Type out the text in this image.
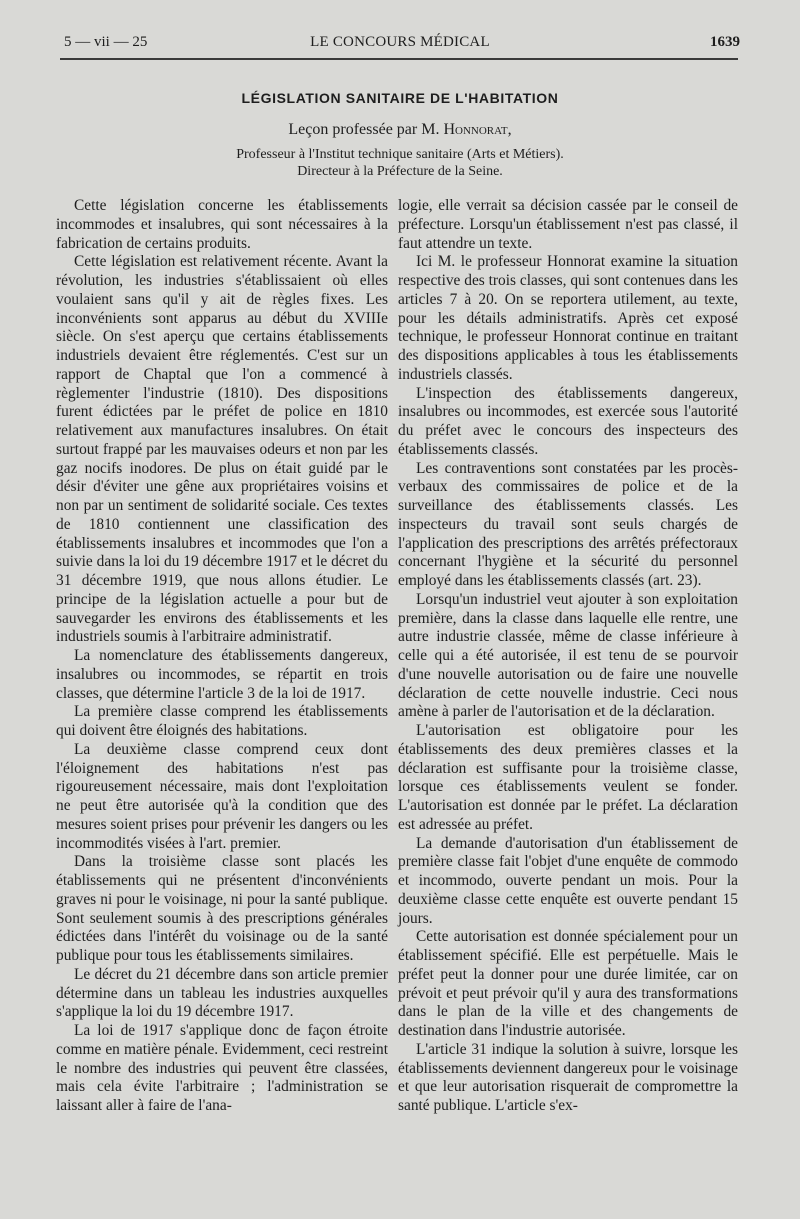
5 — vii — 25	LE CONCOURS MÉDICAL	1639
LÉGISLATION SANITAIRE DE L'HABITATION
Leçon professée par M. Honnorat,
Professeur à l'Institut technique sanitaire (Arts et Métiers).
Directeur à la Préfecture de la Seine.

Cette législation concerne les établissements incommodes et insalubres, qui sont nécessaires à la fabrication de certains produits.

Cette législation est relativement récente. Avant la révolution, les industries s'établissaient où elles voulaient sans qu'il y ait de règles fixes. Les inconvénients sont apparus au début du XVIIIe siècle. On s'est aperçu que certains établissements industriels devaient être réglementés. C'est sur un rapport de Chaptal que l'on a commencé à règlementer l'industrie (1810). Des dispositions furent édictées par le préfet de police en 1810 relativement aux manufactures insalubres. On était surtout frappé par les mauvaises odeurs et non par les gaz nocifs inodores. De plus on était guidé par le désir d'éviter une gêne aux propriétaires voisins et non par un sentiment de solidarité sociale. Ces textes de 1810 contiennent une classification des établissements insalubres et incommodes que l'on a suivie dans la loi du 19 décembre 1917 et le décret du 31 décembre 1919, que nous allons étudier. Le principe de la législation actuelle a pour but de sauvegarder les environs des établissements et les industriels soumis à l'arbitraire administratif.

La nomenclature des établissements dangereux, insalubres ou incommodes, se répartit en trois classes, que détermine l'article 3 de la loi de 1917.

La première classe comprend les établissements qui doivent être éloignés des habitations.

La deuxième classe comprend ceux dont l'éloignement des habitations n'est pas rigoureusement nécessaire, mais dont l'exploitation ne peut être autorisée qu'à la condition que des mesures soient prises pour prévenir les dangers ou les incommodités visées à l'art. premier.

Dans la troisième classe sont placés les établissements qui ne présentent d'inconvénients graves ni pour le voisinage, ni pour la santé publique. Sont seulement soumis à des prescriptions générales édictées dans l'intérêt du voisinage ou de la santé publique pour tous les établissements similaires.

Le décret du 21 décembre dans son article premier détermine dans un tableau les industries auxquelles s'applique la loi du 19 décembre 1917.

La loi de 1917 s'applique donc de façon étroite comme en matière pénale. Evidemment, ceci restreint le nombre des industries qui peuvent être classées, mais cela évite l'arbitraire ; l'administration se laissant aller à faire de l'ana-

logie, elle verrait sa décision cassée par le conseil de préfecture. Lorsqu'un établissement n'est pas classé, il faut attendre un texte.

Ici M. le professeur Honnorat examine la situation respective des trois classes, qui sont contenues dans les articles 7 à 20. On se reportera utilement, au texte, pour les détails administratifs. Après cet exposé technique, le professeur Honnorat continue en traitant des dispositions applicables à tous les établissements industriels classés.

L'inspection des établissements dangereux, insalubres ou incommodes, est exercée sous l'autorité du préfet avec le concours des inspecteurs des établissements classés.

Les contraventions sont constatées par les procès-verbaux des commissaires de police et de la surveillance des établissements classés. Les inspecteurs du travail sont seuls chargés de l'application des prescriptions des arrêtés préfectoraux concernant l'hygiène et la sécurité du personnel employé dans les établissements classés (art. 23).

Lorsqu'un industriel veut ajouter à son exploitation première, dans la classe dans laquelle elle rentre, une autre industrie classée, même de classe inférieure à celle qui a été autorisée, il est tenu de se pourvoir d'une nouvelle autorisation ou de faire une nouvelle déclaration de cette nouvelle industrie. Ceci nous amène à parler de l'autorisation et de la déclaration.

L'autorisation est obligatoire pour les établissements des deux premières classes et la déclaration est suffisante pour la troisième classe, lorsque ces établissements veulent se fonder. L'autorisation est donnée par le préfet. La déclaration est adressée au préfet.

La demande d'autorisation d'un établissement de première classe fait l'objet d'une enquête de commodo et incommodo, ouverte pendant un mois. Pour la deuxième classe cette enquête est ouverte pendant 15 jours.

Cette autorisation est donnée spécialement pour un établissement spécifié. Elle est perpétuelle. Mais le préfet peut la donner pour une durée limitée, car on prévoit et peut prévoir qu'il y aura des transformations dans le plan de la ville et des changements de destination dans l'industrie autorisée.

L'article 31 indique la solution à suivre, lorsque les établissements deviennent dangereux pour le voisinage et que leur autorisation risquerait de compromettre la santé publique. L'article s'ex-
